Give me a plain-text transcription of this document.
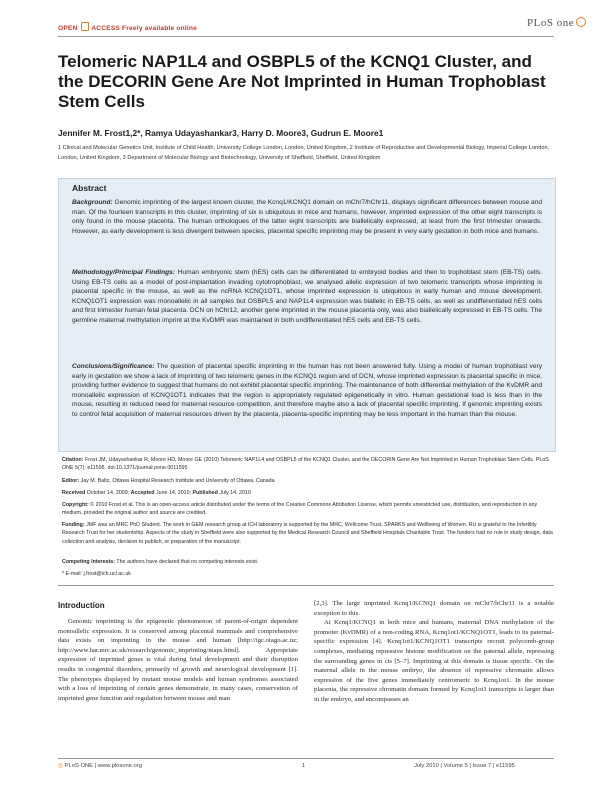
OPEN ACCESS Freely available online	PLoS one
Telomeric NAP1L4 and OSBPL5 of the KCNQ1 Cluster, and the DECORIN Gene Are Not Imprinted in Human Trophoblast Stem Cells
Jennifer M. Frost1,2*, Ramya Udayashankar3, Harry D. Moore3, Gudrun E. Moore1
1 Clinical and Molecular Genetics Unit, Institute of Child Health, University College London, London, United Kingdom, 2 Institute of Reproductive and Developmental Biology, Imperial College London, London, United Kingdom, 3 Department of Molecular Biology and Biotechnology, University of Sheffield, Sheffield, United Kingdom
Abstract
Background: Genomic imprinting of the largest known cluster, the Kcnq1/KCNQ1 domain on mChr7/hChr11, displays significant differences between mouse and man. Of the fourteen transcripts in this cluster, imprinting of six is ubiquitous in mice and humans, however, imprinted expression of the other eight transcripts is only found in the mouse placenta. The human orthologues of the latter eight transcripts are biallelically expressed, at least from the first trimester onwards. However, as early development is less divergent between species, placental specific imprinting may be present in very early gestation in both mice and humans.
Methodology/Principal Findings: Human embryonic stem (hES) cells can be differentiated to embryoid bodies and then to trophoblast stem (EB-TS) cells. Using EB-TS cells as a model of post-implantation invading cytotrophoblast, we analysed allelic expression of two telomeric transcripts whose imprinting is placental specific in the mouse, as well as the ncRNA KCNQ1OT1, whose imprinted expression is ubiquitous in early human and mouse development. KCNQ1OT1 expression was monoallelic in all samples but OSBPL5 and NAP1L4 expression was biallelic in EB-TS cells, as well as undifferentiated hES cells and first trimester human fetal placenta. DCN on hChr12, another gene imprinted in the mouse placenta only, was also biallelically expressed in EB-TS cells. The germline maternal methylation imprint at the KvDMR was maintained in both undifferentiated hES cells and EB-TS cells.
Conclusions/Significance: The question of placental specific imprinting in the human has not been answered fully. Using a model of human trophoblast very early in gestation we show a lack of imprinting of two telomeric genes in the KCNQ1 region and of DCN, whose imprinted expression is placental specific in mice, providing further evidence to suggest that humans do not exhibit placental specific imprinting. The maintenance of both differential methylation of the KvDMR and monoallelic expression of KCNQ1OT1 indicates that the region is appropriately regulated epigenetically in vitro. Human gestational load is less than in the mouse, resulting in reduced need for maternal resource competition, and therefore maybe also a lack of placental specific imprinting. If genomic imprinting exists to control fetal acquisition of maternal resources driven by the placenta, placenta-specific imprinting may be less important in the human than the mouse.
Citation: Frost JM, Udayashankar R, Moore HD, Moore GE (2010) Telomeric NAP1L4 and OSBPL5 of the KCNQ1 Cluster, and the DECORIN Gene Are Not Imprinted in Human Trophoblast Stem Cells. PLoS ONE 5(7): e11595. doi:10.1371/journal.pone.0011595
Editor: Jay M. Baltz, Ottawa Hospital Research Institute and University of Ottawa, Canada
Received October 14, 2009; Accepted June 14, 2010; Published July 14, 2010
Copyright: © 2010 Frost et al. This is an open-access article distributed under the terms of the Creative Commons Attribution License, which permits unrestricted use, distribution, and reproduction in any medium, provided the original author and source are credited.
Funding: JMF was an MRC PhD Student. The work in GEM research group at ICH laboratory is supported by the MRC, Wellcome Trust, SPARKS and Wellbeing of Women. RU is grateful to the Infertility Research Trust for her studentship. Aspects of the study in Sheffield were also supported by the Medical Research Council and Sheffield Hospitals Charitable Trust. The funders had no role in study design, data collection and analysis, decision to publish, or preparation of the manuscript.
Competing Interests: The authors have declared that no competing interests exist.
* E-mail: j.frost@ich.ucl.ac.uk
Introduction
Genomic imprinting is the epigenetic phenomenon of parent-of-origin dependent monoallelic expression. It is conserved among placental mammals and comprehensive data exists on imprinting in the mouse and human [http://igc.otago.ac.nz; http://www.har.mrc.ac.uk/research/genomic_imprinting/maps.html]. Appropriate expression of imprinted genes is vital during fetal development and their disruption results in congenital disorders, primarily of growth and neurological development [1]. The phenotypes displayed by mutant mouse models and human syndromes associated with a loss of imprinting of certain genes demonstrate, in many cases, conservation of imprinted gene function and regulation between mouse and man
[2,3]. The large imprinted Kcnq1/KCNQ1 domain on mChr7/hChr11 is a notable exception to this.
At Kcnq1/KCNQ1 in both mice and humans, maternal DNA methylation of the promoter (KvDMR) of a non-coding RNA, Kcnq1ot1/KCNQ1OT1, leads to its paternal-specific expression [4]. Kcnq1ot1/KCNQ1OT1 transcripts recruit polycomb-group complexes, mediating repressive histone modification on the paternal allele, repressing the surrounding genes in cis [5–7]. Imprinting at this domain is tissue specific. On the maternal allele in the mouse embryo, the absence of repressive chromatin allows expression of the five genes immediately centromeric to Kcnq1ot1. In the mouse placenta, the repressive chromatin domain formed by Kcnq1ot1 transcripts is larger than in the embryo, and encompasses an
◎ PLoS ONE | www.plosone.org	1	July 2010 | Volume 5 | Issue 7 | e11595
